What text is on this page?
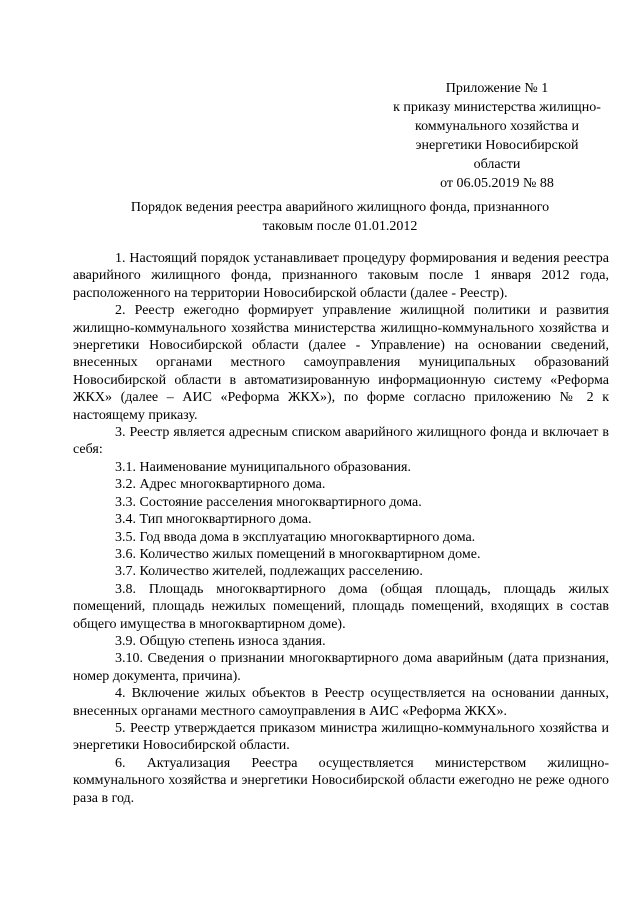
Приложение № 1
к приказу министерства жилищно-
коммунального хозяйства и
энергетики Новосибирской
области
от 06.05.2019 № 88
Порядок ведения реестра аварийного жилищного фонда, признанного
таковым после 01.01.2012

1. Настоящий порядок устанавливает процедуру формирования и ведения реестра аварийного жилищного фонда, признанного таковым после 1 января 2012 года, расположенного на территории Новосибирской области (далее - Реестр).

2. Реестр ежегодно формирует управление жилищной политики и развития жилищно-коммунального хозяйства министерства жилищно-коммунального хозяйства и энергетики Новосибирской области (далее - Управление) на основании сведений, внесенных органами местного самоуправления муниципальных образований Новосибирской области в автоматизированную информационную систему «Реформа ЖКХ» (далее – АИС «Реформа ЖКХ»), по форме согласно приложению № 2 к настоящему приказу.

3. Реестр является адресным списком аварийного жилищного фонда и включает в себя:

3.1. Наименование муниципального образования.

3.2. Адрес многоквартирного дома.

3.3. Состояние расселения многоквартирного дома.

3.4. Тип многоквартирного дома.

3.5. Год ввода дома в эксплуатацию многоквартирного дома.

3.6. Количество жилых помещений в многоквартирном доме.

3.7. Количество жителей, подлежащих расселению.

3.8. Площадь многоквартирного дома (общая площадь, площадь жилых помещений, площадь нежилых помещений, площадь помещений, входящих в состав общего имущества в многоквартирном доме).

3.9. Общую степень износа здания.

3.10. Сведения о признании многоквартирного дома аварийным (дата признания, номер документа, причина).

4. Включение жилых объектов в Реестр осуществляется на основании данных, внесенных органами местного самоуправления в АИС «Реформа ЖКХ».

5. Реестр утверждается приказом министра жилищно-коммунального хозяйства и энергетики Новосибирской области.

6. Актуализация Реестра осуществляется министерством жилищно-коммунального хозяйства и энергетики Новосибирской области ежегодно не реже одного раза в год.
